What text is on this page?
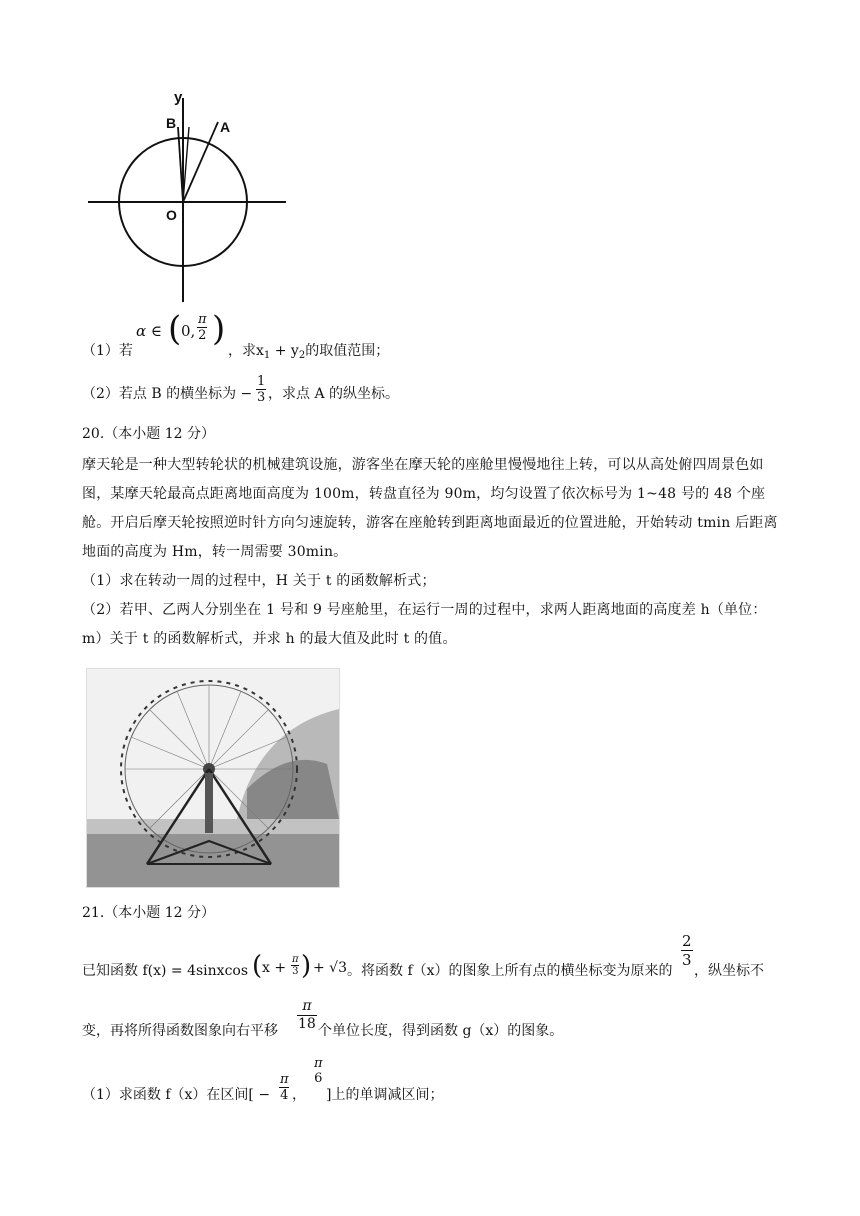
y
B	A
O
α ∈ ( 0, $\frac{\pi}{2}$ )
（1）若	，求$x_1 + y_2$的取值范围；
（2）若点 B 的横坐标为 − $\frac{1}{3}$ ，求点 A 的纵坐标。
20.（本小题 12 分）
摩天轮是一种大型转轮状的机械建筑设施，游客坐在摩天轮的座舱里慢慢地往上转，可以从高处俯四周景色如图，某摩天轮最高点距离地面高度为 100m，转盘直径为 90m，均匀设置了依次标号为 1~48 号的 48 个座舱。开启后摩天轮按照逆时针方向匀速旋转，游客在座舱转到距离地面最近的位置进舱，开始转动 tmin 后距离地面的高度为 Hm，转一周需要 30min。
（1）求在转动一周的过程中，H 关于 t 的函数解析式；
（2）若甲、乙两人分别坐在 1 号和 9 号座舱里，在运行一周的过程中，求两人距离地面的高度差 h（单位：m）关于 t 的函数解析式，并求 h 的最大值及此时 t 的值。
21.（本小题 12 分）
已知函数 f(x) = 4sinxcos ( $x + \frac{\pi}{3}$ ) + √3 。将函数 f（x）的图象上所有点的横坐标变为原来的
$\frac{2}{3}$
，纵坐标不
变，再将所得函数图象向右平移 $\frac{\pi}{18}$ 个单位长度，得到函数 g（x）的图象。
（1）求函数 f（x）在区间[ − $\frac{\pi}{4}$ ，
π
6
]上的单调减区间；
